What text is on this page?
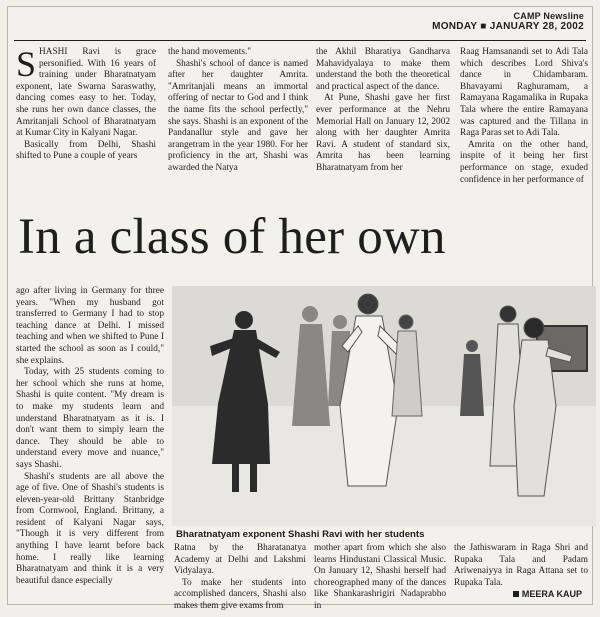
CAMP Newsline
MONDAY ■ JANUARY 28, 2002

SHASHI Ravi is grace personified. With 16 years of training under Bharatnatyam exponent, late Swarna Saraswathy, dancing comes easy to her. Today, she runs her own dance classes, the Amritanjali School of Bharatnatyam at Kumar City in Kalyani Nagar.

Basically from Delhi, Shashi shifted to Pune a couple of years

the hand movements."

Shashi's school of dance is named after her daughter Amrita. "Amritanjali means an immortal offering of nectar to God and I think the name fits the school perfectly," she says. Shashi is an exponent of the Pandanallur style and gave her arangetram in the year 1980. For her proficiency in the art, Shashi was awarded the Natya

the Akhil Bharatiya Gandharva Mahavidyalaya to make them understand the both the theoretical and practical aspect of the dance.

At Pune, Shashi gave her first ever performance at the Nehru Memorial Hall on January 12, 2002 along with her daughter Amrita Ravi. A student of standard six, Amrita has been learning Bharatnatyam from her

Raag Hamsanandi set to Adi Tala which describes Lord Shiva's dance in Chidambaram. Bhavayami Raghuramam, a Ramayana Ragamalika in Rupaka Tala where the entire Ramayana was captured and the Tillana in Raga Paras set to Adi Tala.

Amrita on the other hand, inspite of it being her first performance on stage, exuded confidence in her performance of

In a class of her own

ago after living in Germany for three years. "When my husband got transferred to Germany I had to stop teaching dance at Delhi. I missed teaching and when we shifted to Pune I started the school as soon as I could," she explains.

Today, with 25 students coming to her school which she runs at home, Shashi is quite content. "My dream is to make my students learn and understand Bharatnatyam as it is. I don't want them to simply learn the dance. They should be able to understand every move and nuance," says Shashi.

Shashi's students are all above the age of five. One of Shashi's students is eleven-year-old Brittany Stanbridge from Cornwool, England. Brittany, a resident of Kalyani Nagar says, "Though it is very different from anything I have learnt before back home. I really like learning Bharatnatyam and think it is a very beautiful dance especially

Bharatnatyam exponent Shashi Ravi with her students

Ratna by the Bharatanatya Academy at Delhi and Lakshmi Vidyalaya.

To make her students into accomplished dancers, Shashi also makes them give exams from

mother apart from which she also learns Hindustani Classical Music. On January 12, Shashi herself had choreographed many of the dances like Shankarashrigiri Nadaprabho in

the Jathiswaram in Raga Shri and Rupaka Tala and Padam Ariwenaiyya in Raga Attana set to Rupaka Tala.

MEERA KAUP
